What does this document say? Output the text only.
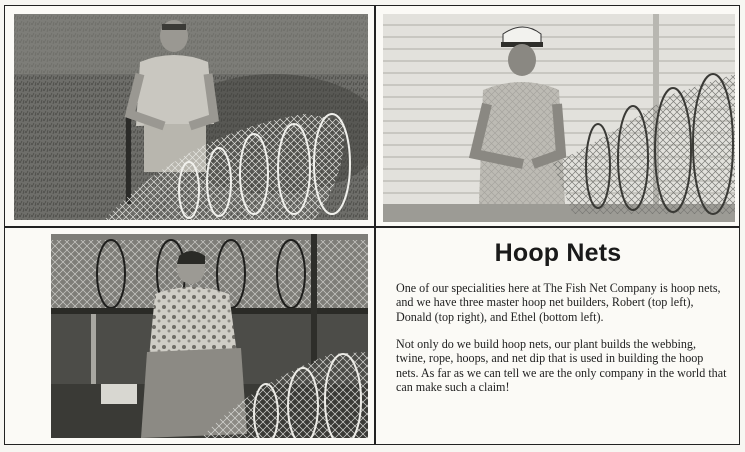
Hoop Nets

One of our specialities here at The Fish Net Company is hoop nets, and we have three master hoop net builders, Robert (top left), Donald (top right), and Ethel (bottom left).

Not only do we build hoop nets, our plant builds the webbing, twine, rope, hoops, and net dip that is used in building the hoop nets. As far as we can tell we are the only company in the world that can make such a claim!
